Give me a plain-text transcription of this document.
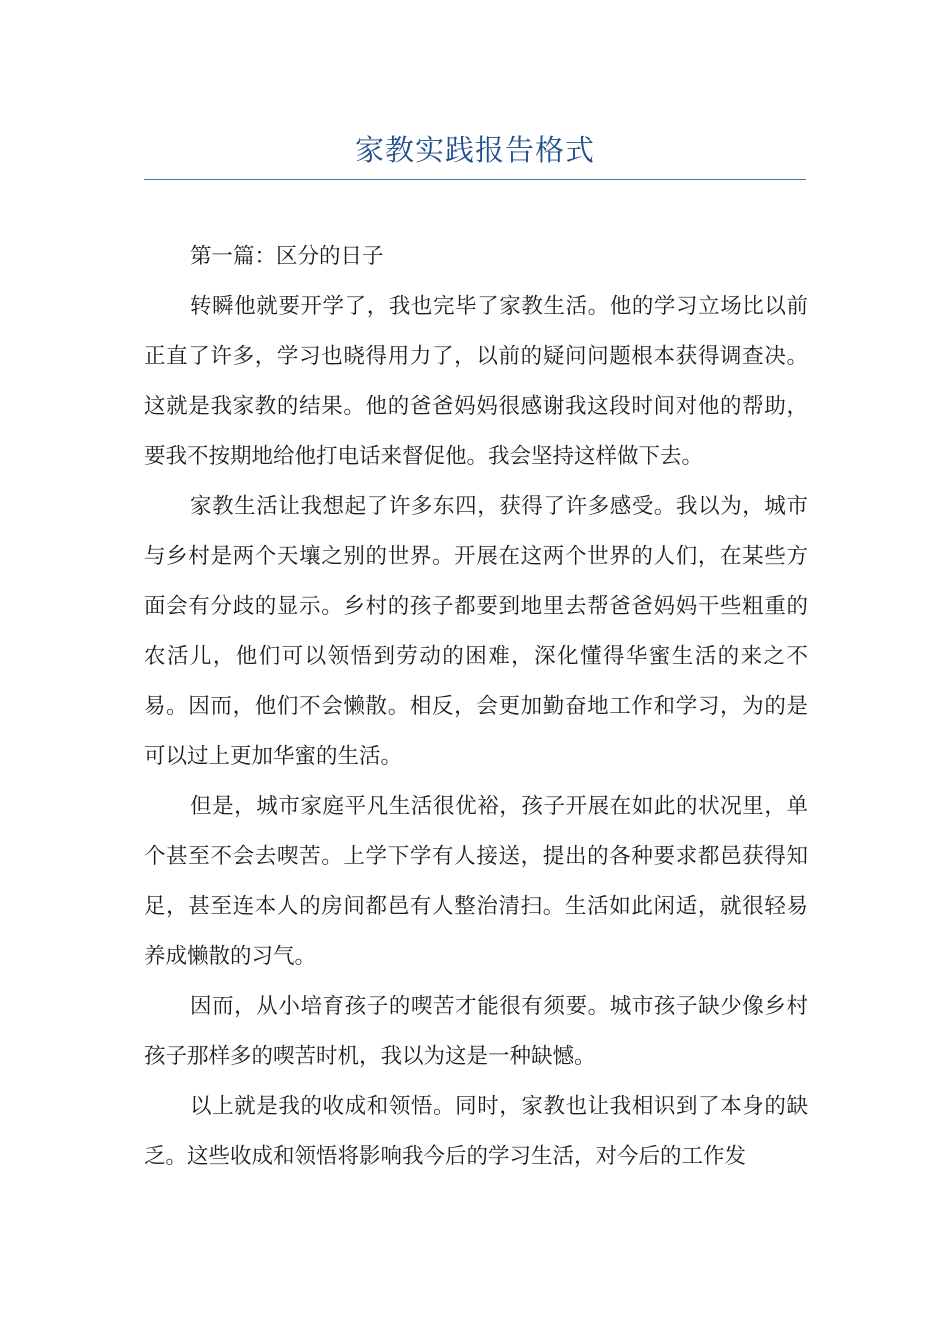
家教实践报告格式

第一篇：区分的日子

转瞬他就要开学了，我也完毕了家教生活。他的学习立场比以前正直了许多，学习也晓得用力了，以前的疑问问题根本获得调查决。这就是我家教的结果。他的爸爸妈妈很感谢我这段时间对他的帮助，要我不按期地给他打电话来督促他。我会坚持这样做下去。

家教生活让我想起了许多东四，获得了许多感受。我以为，城市与乡村是两个天壤之别的世界。开展在这两个世界的人们，在某些方面会有分歧的显示。乡村的孩子都要到地里去帮爸爸妈妈干些粗重的农活儿，他们可以领悟到劳动的困难，深化懂得华蜜生活的来之不易。因而，他们不会懒散。相反，会更加勤奋地工作和学习，为的是可以过上更加华蜜的生活。

但是，城市家庭平凡生活很优裕，孩子开展在如此的状况里，单个甚至不会去喫苦。上学下学有人接送，提出的各种要求都邑获得知足，甚至连本人的房间都邑有人整治清扫。生活如此闲适，就很轻易养成懒散的习气。

因而，从小培育孩子的喫苦才能很有须要。城市孩子缺少像乡村孩子那样多的喫苦时机，我以为这是一种缺憾。

以上就是我的收成和领悟。同时，家教也让我相识到了本身的缺乏。这些收成和领悟将影响我今后的学习生活，对今后的工作发
